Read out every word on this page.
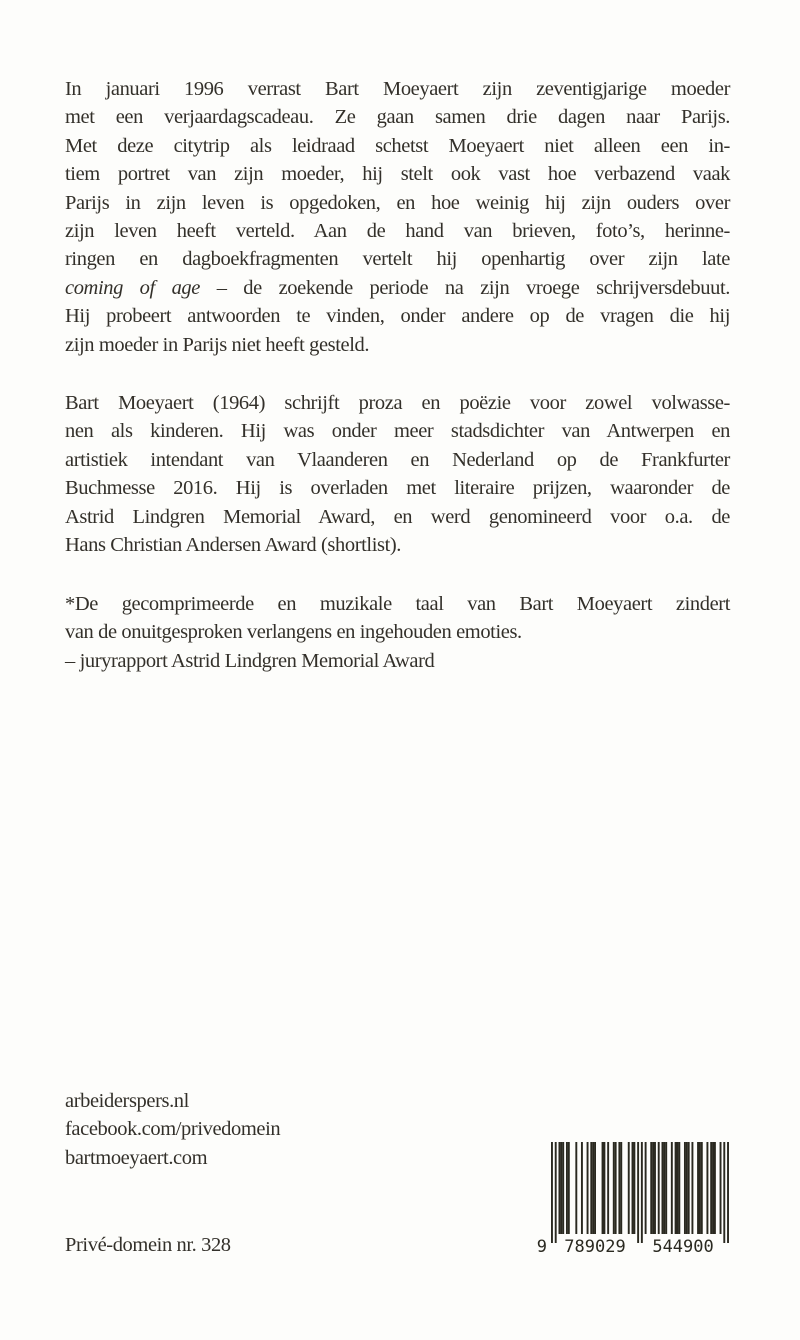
In januari 1996 verrast Bart Moeyaert zijn zeventigjarige moeder
met een verjaardagscadeau. Ze gaan samen drie dagen naar Parijs.
Met deze citytrip als leidraad schetst Moeyaert niet alleen een in-
tiem portret van zijn moeder, hij stelt ook vast hoe verbazend vaak
Parijs in zijn leven is opgedoken, en hoe weinig hij zijn ouders over
zijn leven heeft verteld. Aan de hand van brieven, foto’s, herinne-
ringen en dagboekfragmenten vertelt hij openhartig over zijn late
coming of age – de zoekende periode na zijn vroege schrijversdebuut.
Hij probeert antwoorden te vinden, onder andere op de vragen die hij
zijn moeder in Parijs niet heeft gesteld.
Bart Moeyaert (1964) schrijft proza en poëzie voor zowel volwasse-
nen als kinderen. Hij was onder meer stadsdichter van Antwerpen en
artistiek intendant van Vlaanderen en Nederland op de Frankfurter
Buchmesse 2016. Hij is overladen met literaire prijzen, waaronder de
Astrid Lindgren Memorial Award, en werd genomineerd voor o.a. de
Hans Christian Andersen Award (shortlist).
*De gecomprimeerde en muzikale taal van Bart Moeyaert zindert
van de onuitgesproken verlangens en ingehouden emoties.
– juryrapport Astrid Lindgren Memorial Award
arbeiderspers.nl
facebook.com/privedomein
bartmoeyaert.com
Privé-domein nr. 328	9 789029 544900
